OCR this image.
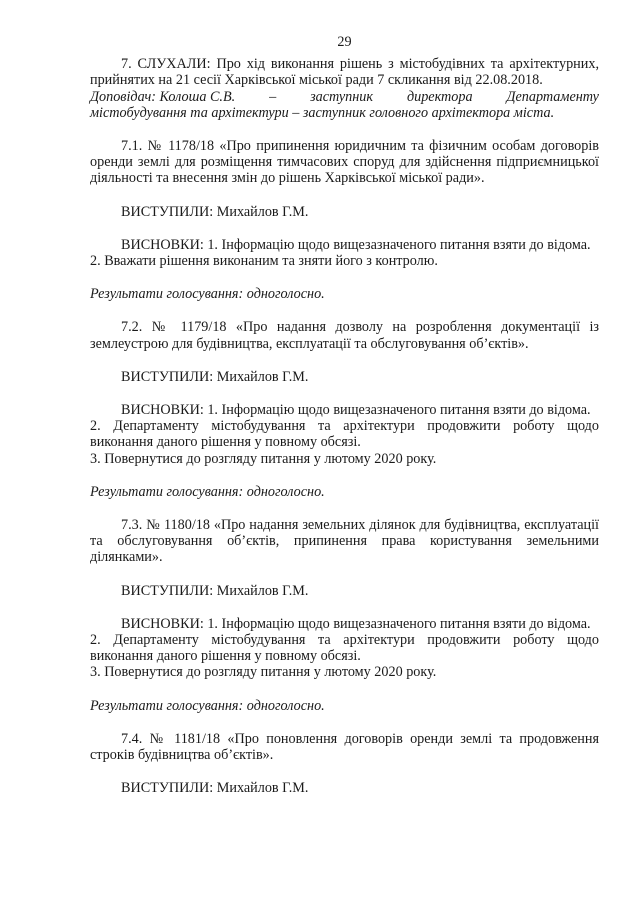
29

7. СЛУХАЛИ: Про хід виконання рішень з містобудівних та архітектурних, прийнятих на 21 сесії Харківської міської ради 7 скликання від 22.08.2018.

Доповідач: Колоша С.В. – заступник директора Департаменту

містобудування та архітектури – заступник головного архітектора міста.

7.1. № 1178/18 «Про припинення юридичним та фізичним особам договорів оренди землі для розміщення тимчасових споруд для здійснення підприємницької діяльності та внесення змін до рішень Харківської міської ради».

ВИСТУПИЛИ: Михайлов Г.М.

ВИСНОВКИ: 1. Інформацію щодо вищезазначеного питання взяти до відома.

2. Вважати рішення виконаним та зняти його з контролю.

Результати голосування: одноголосно.

7.2. № 1179/18 «Про надання дозволу на розроблення документації із землеустрою для будівництва, експлуатації та обслуговування об’єктів».

ВИСТУПИЛИ: Михайлов Г.М.

ВИСНОВКИ: 1. Інформацію щодо вищезазначеного питання взяти до відома.

2. Департаменту містобудування та архітектури продовжити роботу щодо виконання даного рішення у повному обсязі.

3. Повернутися до розгляду питання у лютому 2020 року.

Результати голосування: одноголосно.

7.3. № 1180/18 «Про надання земельних ділянок для будівництва, експлуатації та обслуговування об’єктів, припинення права користування земельними ділянками».

ВИСТУПИЛИ: Михайлов Г.М.

ВИСНОВКИ: 1. Інформацію щодо вищезазначеного питання взяти до відома.

2. Департаменту містобудування та архітектури продовжити роботу щодо виконання даного рішення у повному обсязі.

3. Повернутися до розгляду питання у лютому 2020 року.

Результати голосування: одноголосно.

7.4. № 1181/18 «Про поновлення договорів оренди землі та продовження строків будівництва об’єктів».

ВИСТУПИЛИ: Михайлов Г.М.
